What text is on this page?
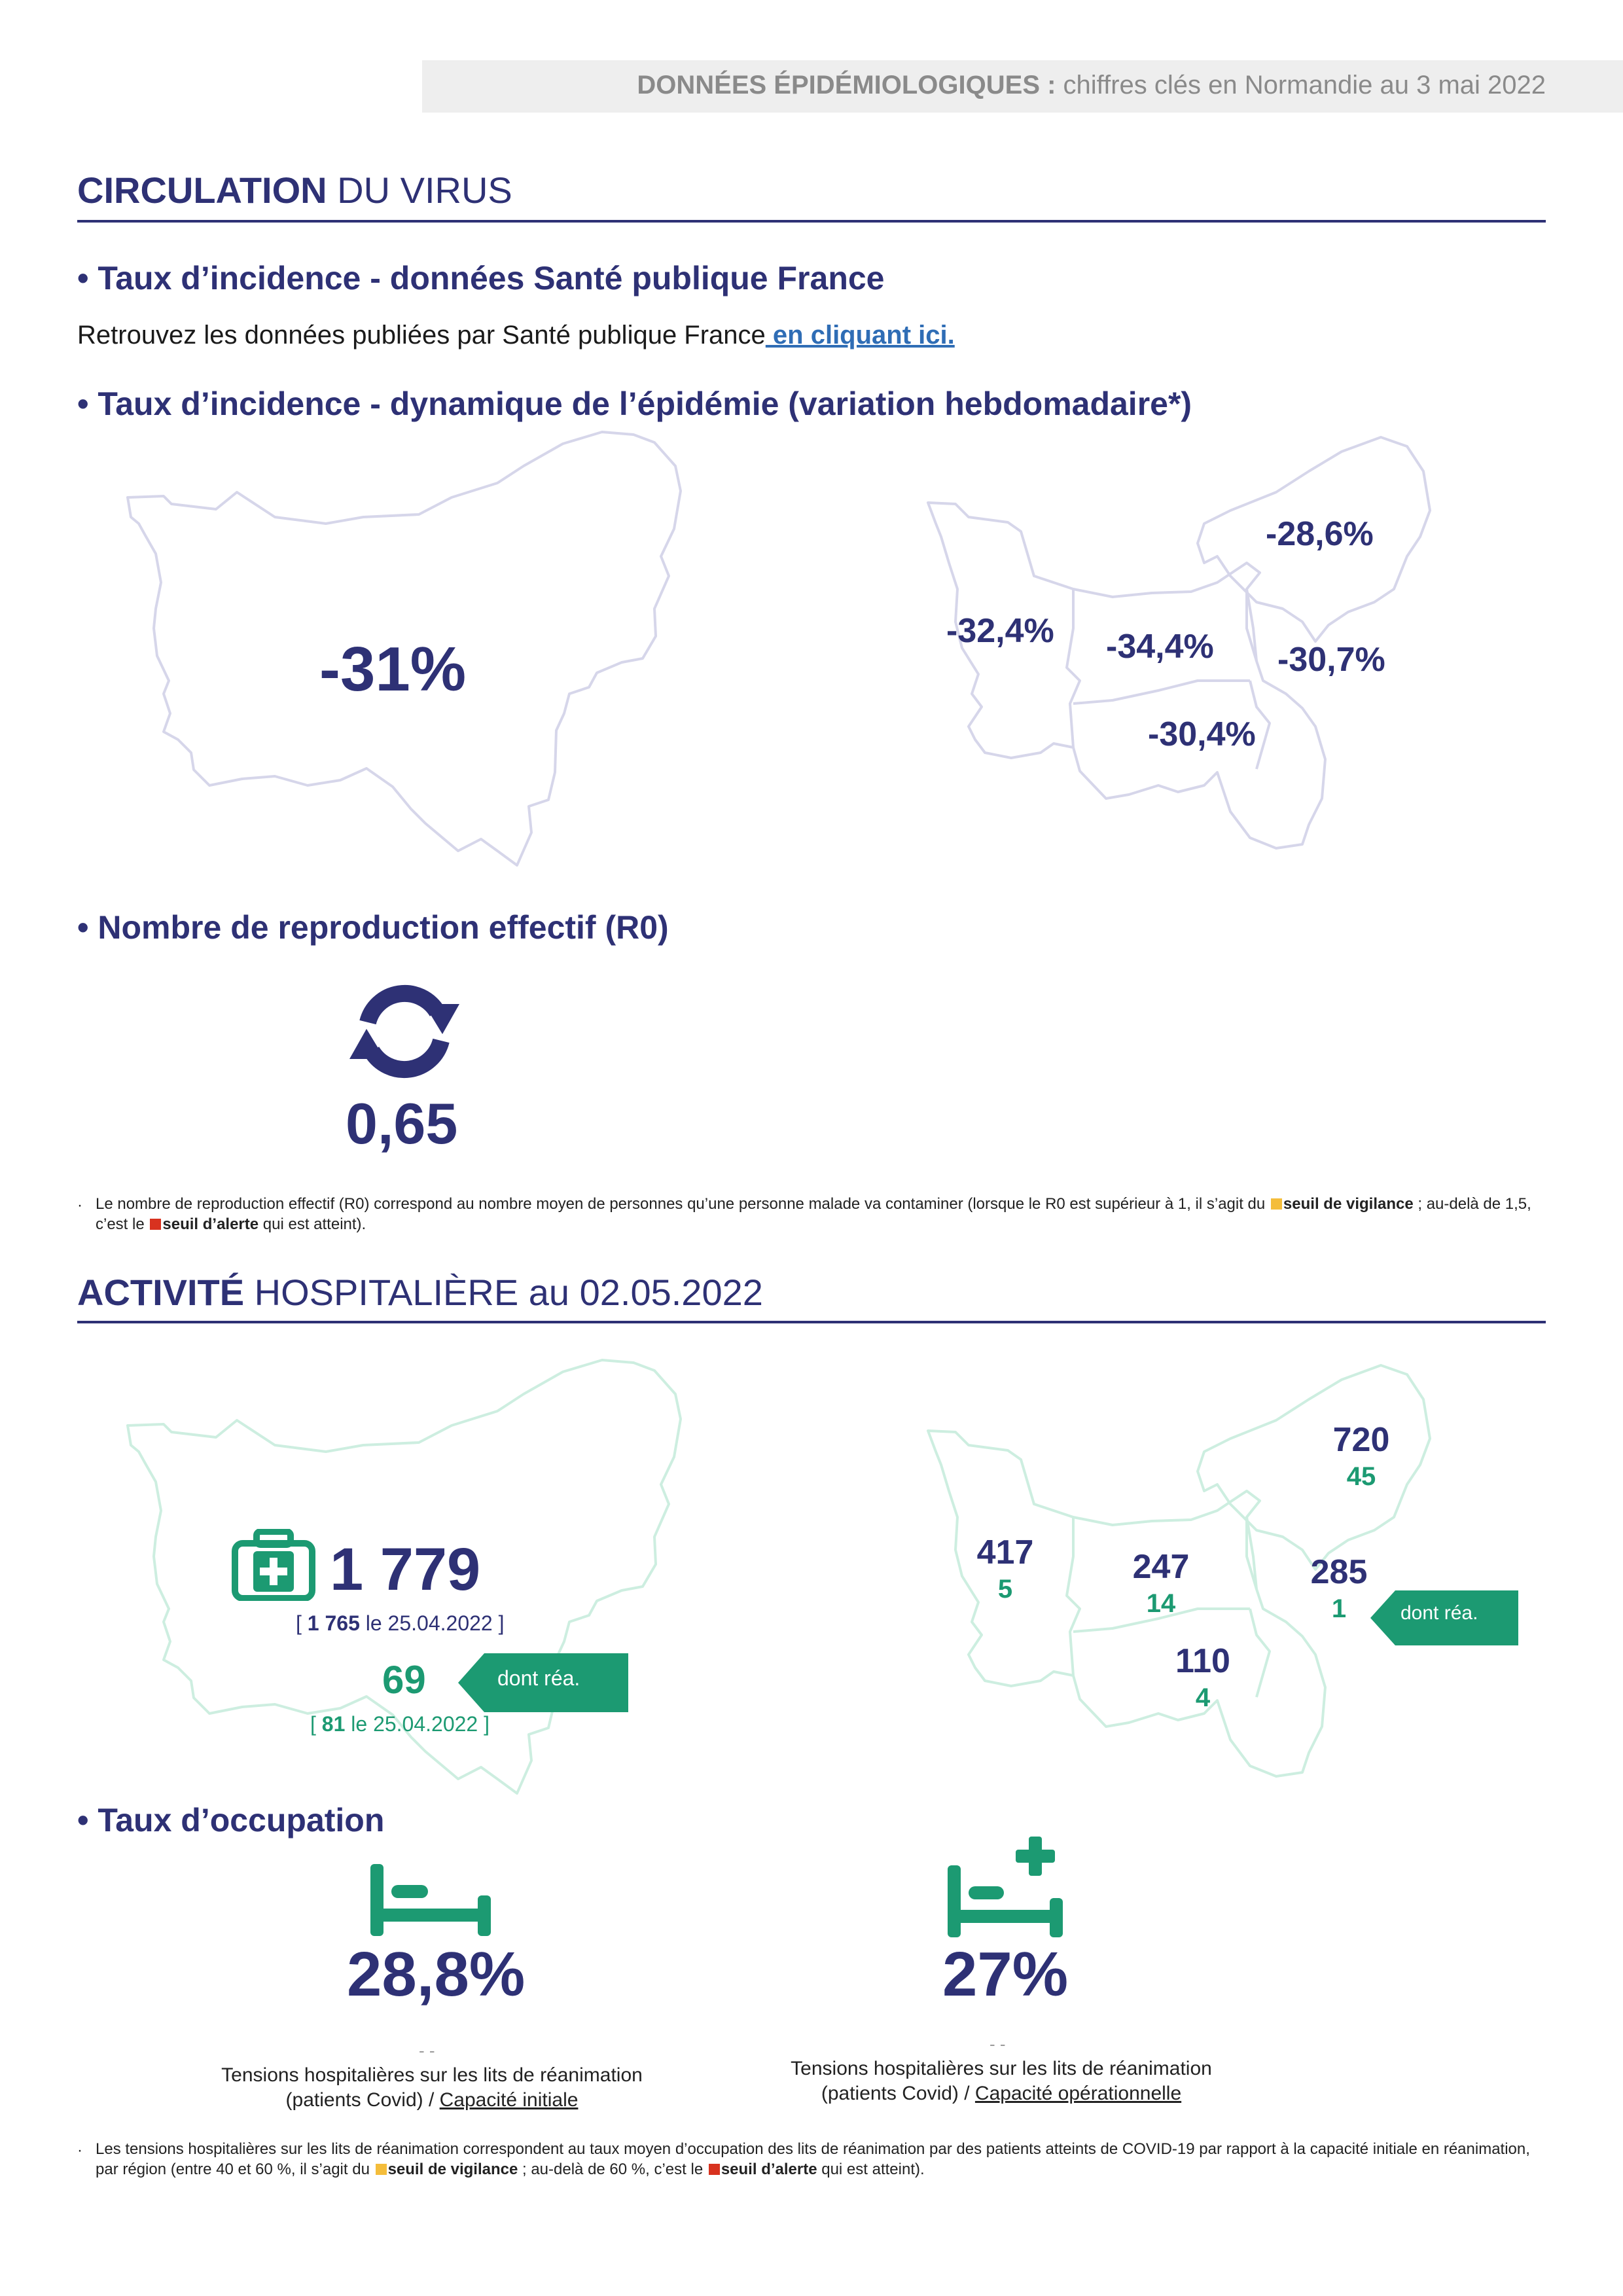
DONNÉES ÉPIDÉMIOLOGIQUES : chiffres clés en Normandie au 3 mai 2022
CIRCULATION DU VIRUS
• Taux d’incidence - données Santé publique France
Retrouvez les données publiées par Santé publique France en cliquant ici.
• Taux d’incidence - dynamique de l’épidémie (variation hebdomadaire*)
-31%
-28,6%
-32,4% -34,4% -30,7%
-30,4%
• Nombre de reproduction effectif (R0)
0,65
· Le nombre de reproduction effectif (R0) correspond au nombre moyen de personnes qu’une personne malade va contaminer (lorsque le R0 est supérieur à 1, il s’agit du seuil de vigilance ; au-delà de 1,5, c’est le seuil d’alerte qui est atteint).
ACTIVITÉ HOSPITALIÈRE au 02.05.2022
1 779
[ 1 765 le 25.04.2022 ]
69
[ 81 le 25.04.2022 ]
dont réa.
720
45
417
5
247
14
285
1
110
4
dont réa.
• Taux d’occupation
28,8%
- -
Tensions hospitalières sur les lits de réanimation
(patients Covid) / Capacité initiale
27%
- -
Tensions hospitalières sur les lits de réanimation
(patients Covid) / Capacité opérationnelle
· Les tensions hospitalières sur les lits de réanimation correspondent au taux moyen d’occupation des lits de réanimation par des patients atteints de COVID-19 par rapport à la capacité initiale en réanimation, par région (entre 40 et 60 %, il s’agit du seuil de vigilance ; au-delà de 60 %, c’est le seuil d’alerte qui est atteint).
